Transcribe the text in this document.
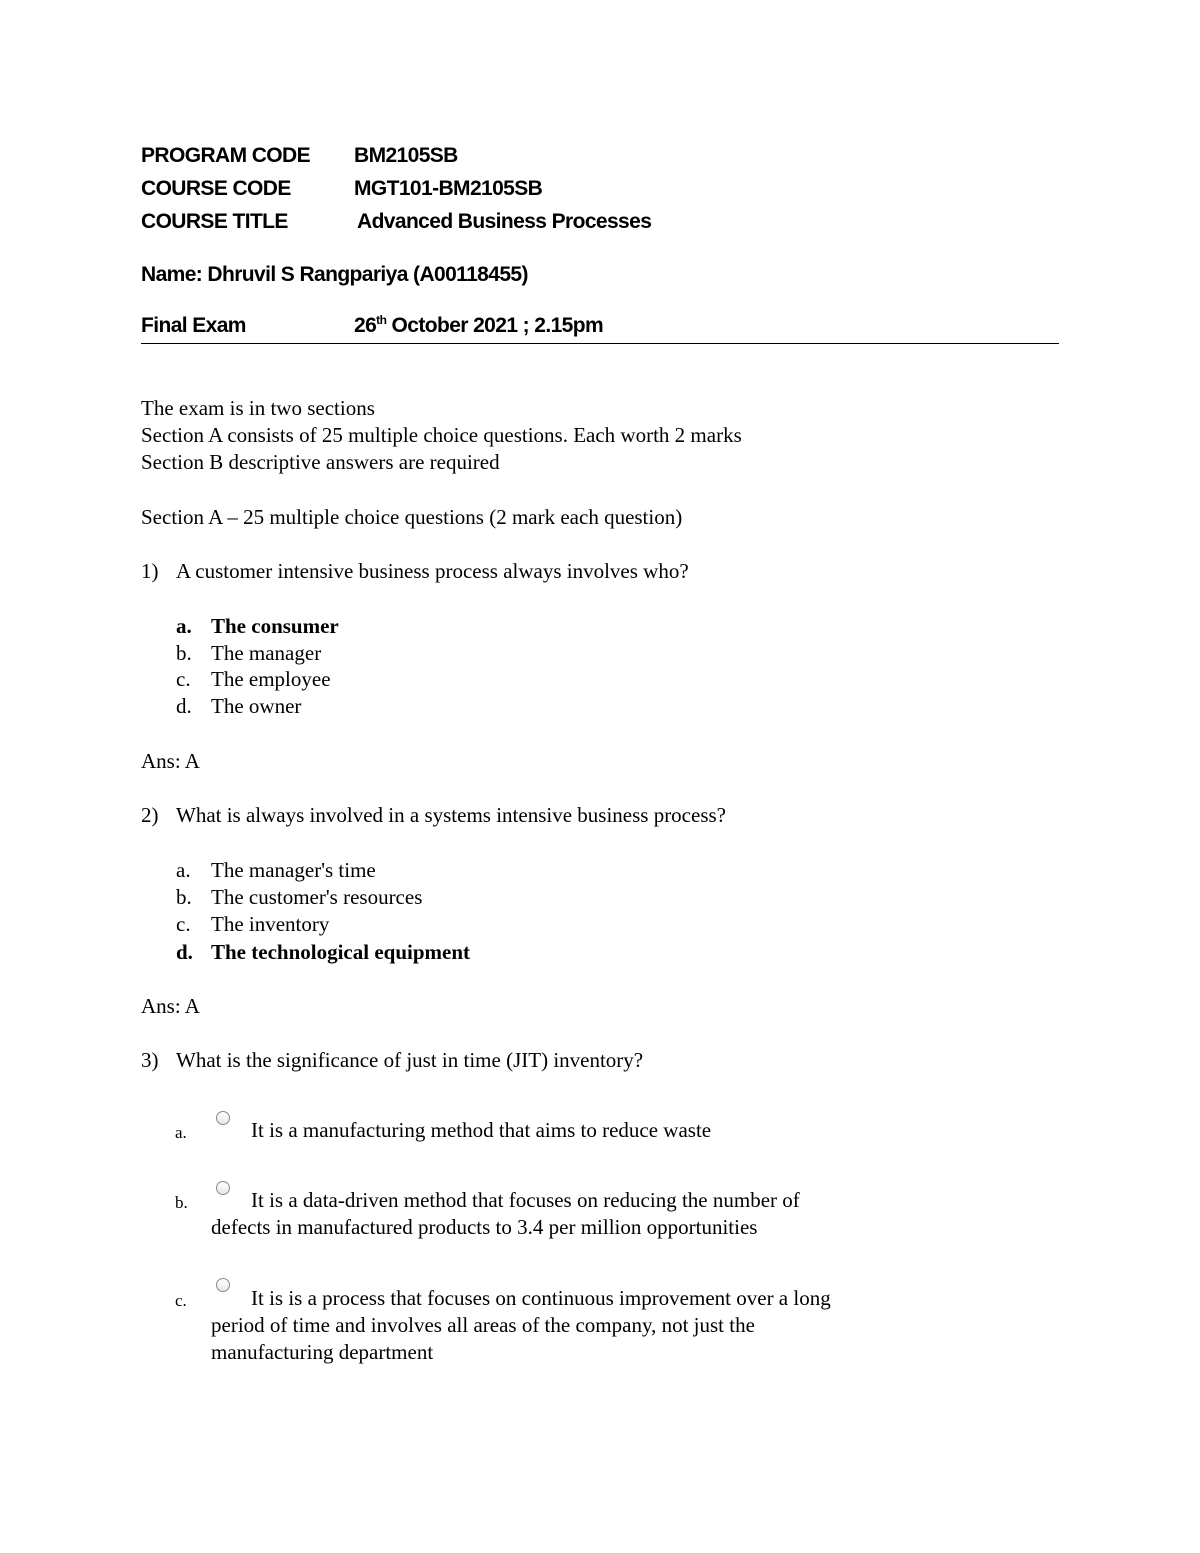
PROGRAM CODE BM2105SB
COURSE CODE	MGT101-BM2105SB
COURSE TITLE	Advanced Business Processes
Name: Dhruvil S Rangpariya (A00118455)
Final Exam	26th October 2021 ; 2.15pm
The exam is in two sections
Section A consists of 25 multiple choice questions. Each worth 2 marks
Section B descriptive answers are required
Section A – 25 multiple choice questions (2 mark each question)
1) A customer intensive business process always involves who?
a. The consumer
b. The manager
c. The employee
d. The owner
Ans: A
2) What is always involved in a systems intensive business process?
a. The manager's time
b. The customer's resources
c. The inventory
d. The technological equipment
Ans: A
3) What is the significance of just in time (JIT) inventory?
a.	It is a manufacturing method that aims to reduce waste
b.	It is a data-driven method that focuses on reducing the number of
defects in manufactured products to 3.4 per million opportunities
c.	It is is a process that focuses on continuous improvement over a long
period of time and involves all areas of the company, not just the
manufacturing department
